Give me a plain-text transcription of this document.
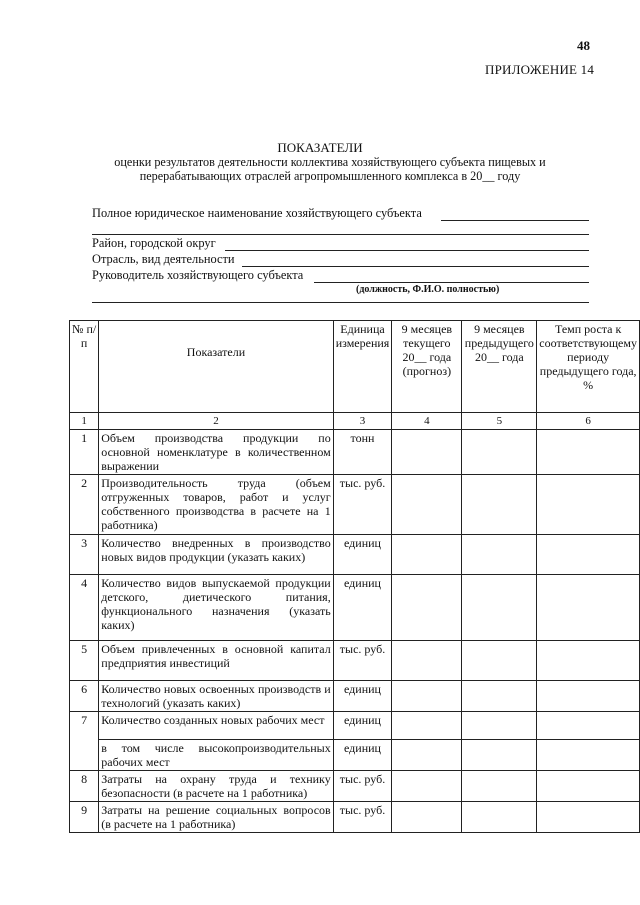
48
ПРИЛОЖЕНИЕ 14
ПОКАЗАТЕЛИ
оценки результатов деятельности коллектива хозяйствующего субъекта пищевых и перерабатывающих отраслей агропромышленного комплекса в 20__ году
Полное юридическое наименование хозяйствующего субъекта
Район, городской округ
Отрасль, вид деятельности
Руководитель хозяйствующего субъекта
(должность, Ф.И.О. полностью)
№ п/п	Показатели	Единица измерения	9 месяцев текущего 20__ года (прогноз)	9 месяцев предыдущего 20__ года	Темп роста к соответствующему периоду предыдущего года, %
1	2	3	4	5	6
1	Объем производства продукции по основной номенклатуре в количественном выражении	тонн			
2	Производительность труда (объем отгруженных товаров, работ и услуг собственного производства в расчете на 1 работника)	тыс. руб.			
3	Количество внедренных в производство новых видов продукции (указать каких)	единиц			
4	Количество видов выпускаемой продукции детского, диетического питания, функционального назначения (указать каких)	единиц			
5	Объем привлеченных в основной капитал предприятия инвестиций	тыс. руб.			
6	Количество новых освоенных производств и технологий (указать каких)	единиц			
7	Количество созданных новых рабочих мест	единиц			
	в том числе высокопроизводительных рабочих мест	единиц			
8	Затраты на охрану труда и технику безопасности (в расчете на 1 работника)	тыс. руб.			
9	Затраты на решение социальных вопросов (в расчете на 1 работника)	тыс. руб.			
